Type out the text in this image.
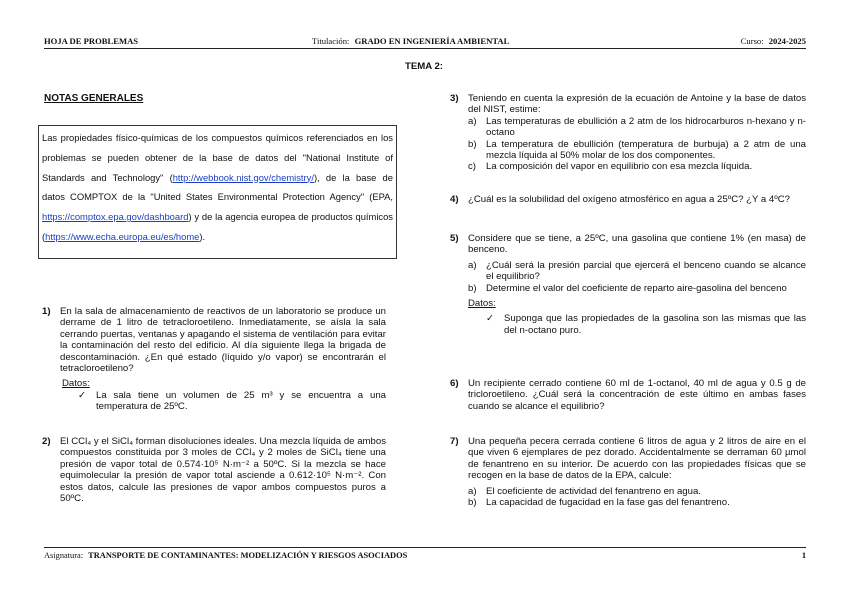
HOJA DE PROBLEMAS	Titulación: GRADO EN INGENIERÍA AMBIENTAL	Curso: 2024-2025
TEMA 2:
NOTAS GENERALES
Las propiedades físico-químicas de los compuestos químicos referenciados en los problemas se pueden obtener de la base de datos del "National Institute of Standards and Technology" (http://webbook.nist.gov/chemistry/), de la base de datos COMPTOX de la "United States Environmental Protection Agency" (EPA, https://comptox.epa.gov/dashboard) y de la agencia europea de productos químicos (https://www.echa.europa.eu/es/home).
1) En la sala de almacenamiento de reactivos de un laboratorio se produce un derrame de 1 litro de tetracloroetileno. Inmediatamente, se aísla la sala cerrando puertas, ventanas y apagando el sistema de ventilación para evitar la contaminación del resto del edificio. Al día siguiente llega la brigada de descontaminación. ¿En qué estado (líquido y/o vapor) se encontrarán el tetracloroetileno?
Datos:
✓ La sala tiene un volumen de 25 m³ y se encuentra a una temperatura de 25ºC.
2) El CCl₄ y el SiCl₄ forman disoluciones ideales. Una mezcla líquida de ambos compuestos constituida por 3 moles de CCl₄ y 2 moles de SiCl₄ tiene una presión de vapor total de 0.574·10⁵ N·m⁻² a 50ºC. Si la mezcla se hace equimolecular la presión de vapor total asciende a 0.612·10⁵ N·m⁻². Con estos datos, calcule las presiones de vapor ambos compuestos puros a 50ºC.
3) Teniendo en cuenta la expresión de la ecuación de Antoine y la base de datos del NIST, estime:
a) Las temperaturas de ebullición a 2 atm de los hidrocarburos n-hexano y n-octano
b) La temperatura de ebullición (temperatura de burbuja) a 2 atm de una mezcla líquida al 50% molar de los dos componentes.
c) La composición del vapor en equilibrio con esa mezcla líquida.
4) ¿Cuál es la solubilidad del oxígeno atmosférico en agua a 25ºC? ¿Y a 4ºC?
5) Considere que se tiene, a 25ºC, una gasolina que contiene 1% (en masa) de benceno.
a) ¿Cuál será la presión parcial que ejercerá el benceno cuando se alcance el equilibrio?
b) Determine el valor del coeficiente de reparto aire-gasolina del benceno
Datos:
✓ Suponga que las propiedades de la gasolina son las mismas que las del n-octano puro.
6) Un recipiente cerrado contiene 60 ml de 1-octanol, 40 ml de agua y 0.5 g de tricloroetileno. ¿Cuál será la concentración de este último en ambas fases cuando se alcance el equilibrio?
7) Una pequeña pecera cerrada contiene 6 litros de agua y 2 litros de aire en el que viven 6 ejemplares de pez dorado. Accidentalmente se derraman 60 µmol de fenantreno en su interior. De acuerdo con las propiedades físicas que se recogen en la base de datos de la EPA, calcule:
a) El coeficiente de actividad del fenantreno en agua.
b) La capacidad de fugacidad en la fase gas del fenantreno.
Asignatura: TRANSPORTE DE CONTAMINANTES: MODELIZACIÓN Y RIESGOS ASOCIADOS	1
